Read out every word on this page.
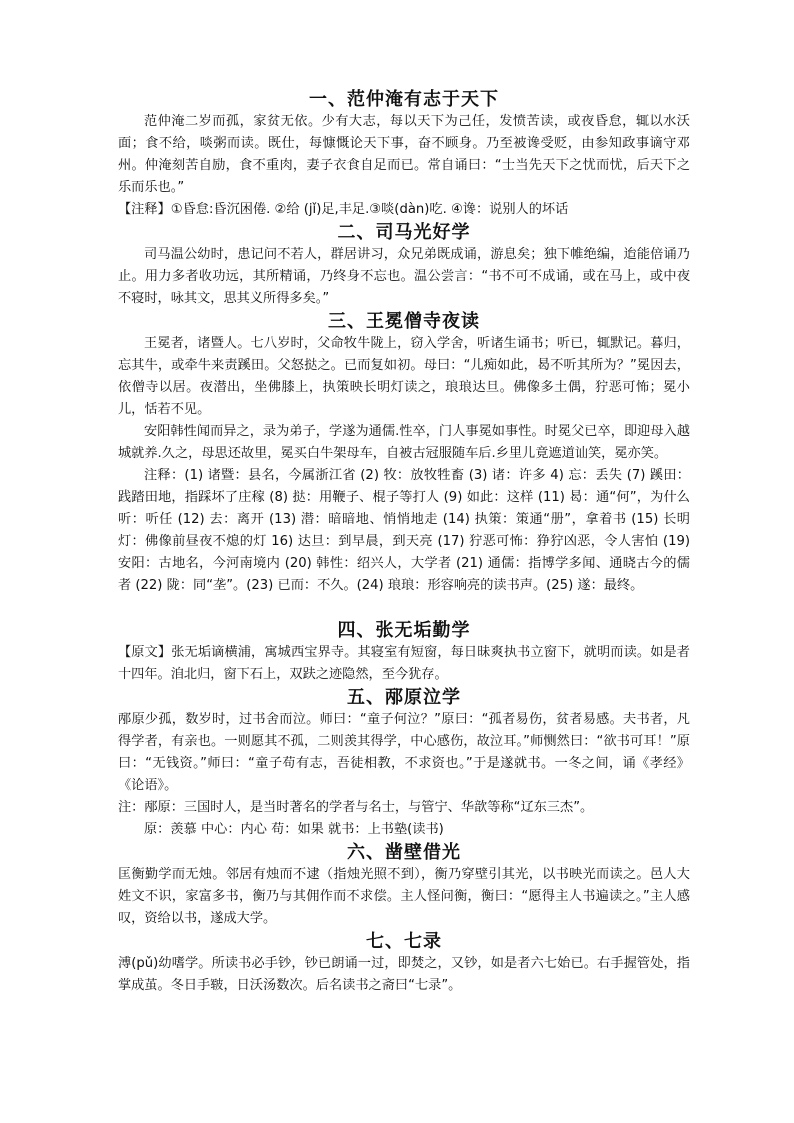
一、范仲淹有志于天下

范仲淹二岁而孤，家贫无依。少有大志，每以天下为己任，发愤苦读，或夜昏怠，辄以水沃面；食不给，啖粥而读。既仕，每慷慨论天下事，奋不顾身。乃至被谗受贬，由参知政事谪守邓州。仲淹刻苦自励，食不重肉，妻子衣食自足而已。常自诵曰：“士当先天下之忧而忧，后天下之乐而乐也。”

【注释】①昏怠:昏沉困倦. ②给 (jǐ)足,丰足.③啖(dàn)吃. ④谗：说别人的坏话

二、司马光好学

司马温公幼时，患记问不若人，群居讲习，众兄弟既成诵，游息矣；独下帷绝编，迨能倍诵乃止。用力多者收功远，其所精诵，乃终身不忘也。温公尝言：“书不可不成诵，或在马上，或中夜不寝时，咏其文，思其义所得多矣。”

三、王冕僧寺夜读

王冕者，诸暨人。七八岁时，父命牧牛陇上，窃入学舍，听诸生诵书；听已，辄默记。暮归，忘其牛，或牵牛来责蹊田。父怒挞之。已而复如初。母曰：“儿痴如此，曷不听其所为？”冕因去，依僧寺以居。夜潜出，坐佛膝上，执策映长明灯读之，琅琅达旦。佛像多土偶，狞恶可怖；冕小儿，恬若不见。

安阳韩性闻而异之，录为弟子，学遂为通儒.性卒，门人事冕如事性。时冕父已卒，即迎母入越城就养.久之，母思还故里，冕买白牛架母车，自被古冠服随车后.乡里儿竟遮道讪笑，冕亦笑。

注释：(1) 诸暨：县名，今属浙江省 (2) 牧：放牧牲畜 (3) 诸：许多 4) 忘：丢失 (7) 蹊田：践踏田地，指踩坏了庄稼 (8) 挞：用鞭子、棍子等打人 (9) 如此：这样 (11) 曷：通“何”，为什么 听：听任 (12) 去：离开 (13) 潜：暗暗地、悄悄地走 (14) 执策：策通“册”，拿着书 (15) 长明灯：佛像前昼夜不熄的灯 16) 达旦：到早晨，到天亮 (17) 狞恶可怖：狰狞凶恶，令人害怕 (19) 安阳：古地名，今河南境内 (20) 韩性：绍兴人，大学者 (21) 通儒：指博学多闻、通晓古今的儒者 (22) 陇：同“垄”。(23) 已而：不久。(24) 琅琅：形容响亮的读书声。(25) 遂：最终。

四、张无垢勤学

【原文】张无垢谪横浦，寓城西宝界寺。其寝室有短窗，每日昧爽执书立窗下，就明而读。如是者十四年。洎北归，窗下石上，双趺之迹隐然，至今犹存。

五、邴原泣学

邴原少孤，数岁时，过书舍而泣。师曰：“童子何泣？”原曰：“孤者易伤，贫者易感。夫书者，凡得学者，有亲也。一则愿其不孤，二则羡其得学，中心感伤，故泣耳。”师恻然曰：“欲书可耳！”原曰：“无钱资。”师曰：“童子苟有志，吾徒相教，不求资也。”于是遂就书。一冬之间，诵《孝经》《论语》。

注：邴原：三国时人，是当时著名的学者与名士，与管宁、华歆等称“辽东三杰”。

原：羡慕 中心：内心 苟：如果 就书：上书塾(读书)

六、凿壁借光

匡衡勤学而无烛。邻居有烛而不逮（指烛光照不到），衡乃穿壁引其光，以书映光而读之。邑人大姓文不识，家富多书，衡乃与其佣作而不求偿。主人怪问衡，衡曰：“愿得主人书遍读之。”主人感叹，资给以书，遂成大学。

七、七录

溥(pǔ)幼嗜学。所读书必手钞，钞已朗诵一过，即焚之，又钞，如是者六七始已。右手握管处，指掌成茧。冬日手皲，日沃汤数次。后名读书之斋曰“七录”。
